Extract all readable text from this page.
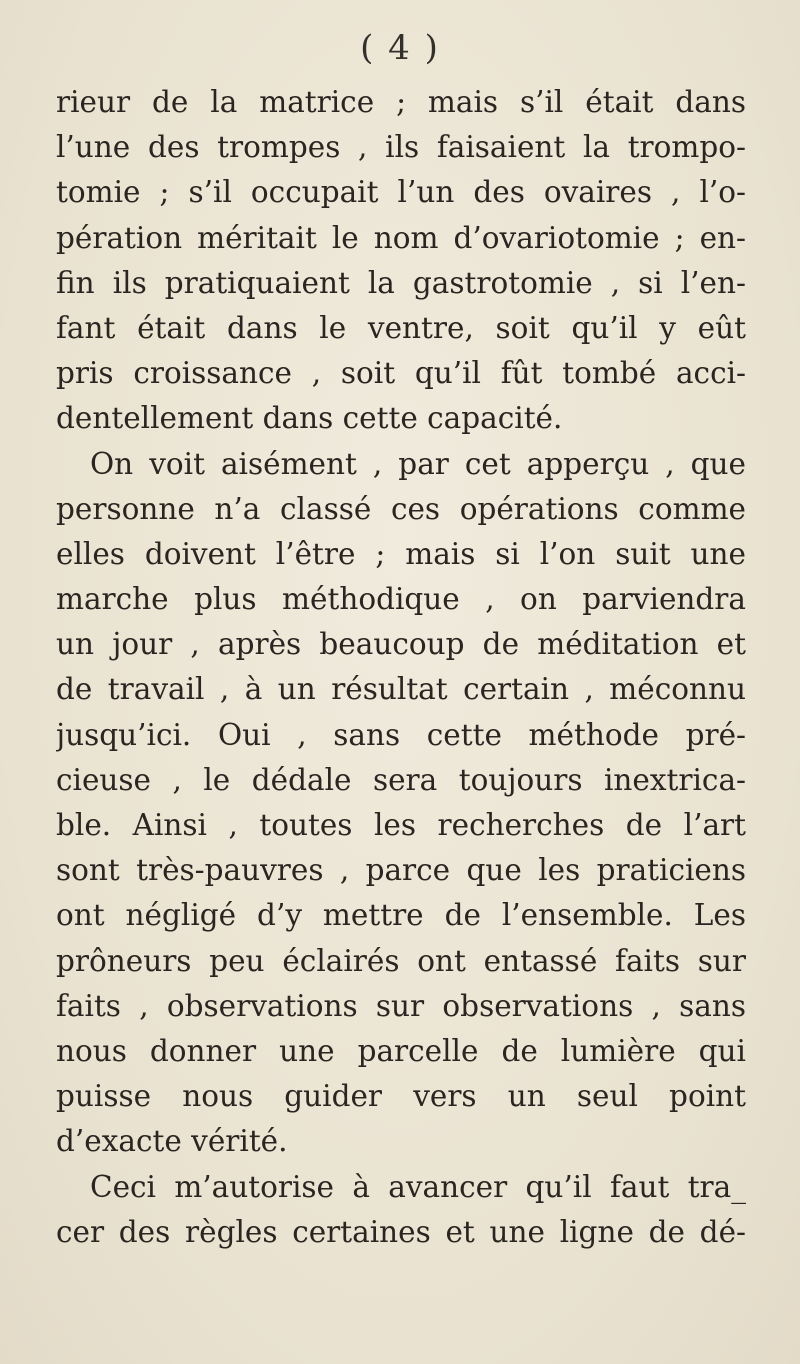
( 4 )
rieur de la matrice ; mais s’il était dans
l’une des trompes , ils faisaient la trompo-
tomie ; s’il occupait l’un des ovaires , l’o-
pération méritait le nom d’ovariotomie ; en-
fin ils pratiquaient la gastrotomie , si l’en-
fant était dans le ventre, soit qu’il y eût
pris croissance , soit qu’il fût tombé acci-
dentellement dans cette capacité.
On voit aisément , par cet apperçu , que
personne n’a classé ces opérations comme
elles doivent l’être ; mais si l’on suit une
marche plus méthodique , on parviendra
un jour , après beaucoup de méditation et
de travail , à un résultat certain , méconnu
jusqu’ici. Oui , sans cette méthode pré-
cieuse , le dédale sera toujours inextrica-
ble. Ainsi , toutes les recherches de l’art
sont très-pauvres , parce que les praticiens
ont négligé d’y mettre de l’ensemble. Les
prôneurs peu éclairés ont entassé faits sur
faits , observations sur observations , sans
nous donner une parcelle de lumière qui
puisse nous guider vers un seul point
d’exacte vérité.
Ceci m’autorise à avancer qu’il faut tra_
cer des règles certaines et une ligne de dé-
